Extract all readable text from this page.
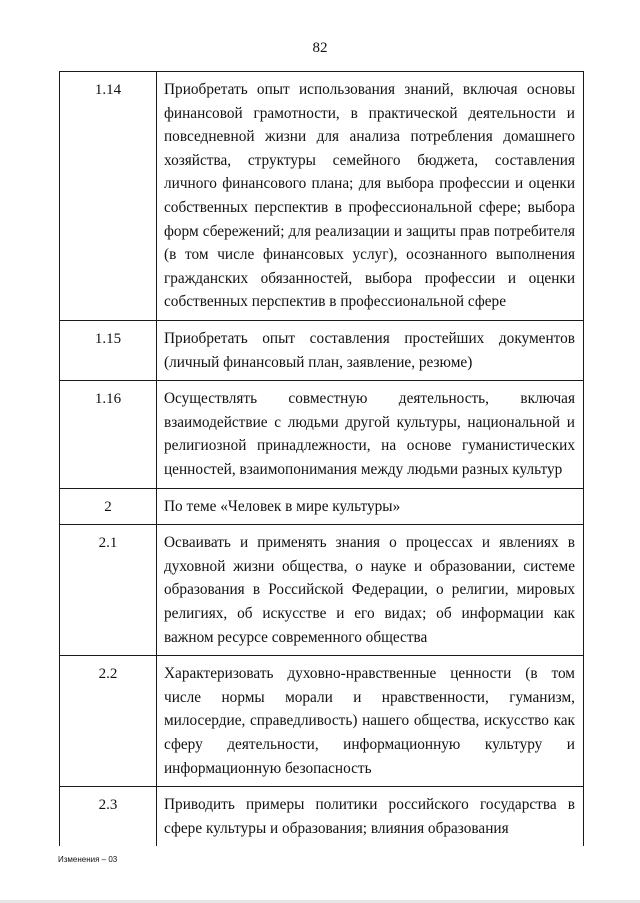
82
1.14	Приобретать опыт использования знаний, включая основы финансовой грамотности, в практической деятельности и повседневной жизни для анализа потребления домашнего хозяйства, структуры семейного бюджета, составления личного финансового плана; для выбора профессии и оценки собственных перспектив в профессиональной сфере; выбора форм сбережений; для реализации и защиты прав потребителя (в том числе финансовых услуг), осознанного выполнения гражданских обязанностей, выбора профессии и оценки собственных перспектив в профессиональной сфере
1.15	Приобретать опыт составления простейших документов (личный финансовый план, заявление, резюме)
1.16	Осуществлять совместную деятельность, включая взаимодействие с людьми другой культуры, национальной и религиозной принадлежности, на основе гуманистических ценностей, взаимопонимания между людьми разных культур
2	По теме «Человек в мире культуры»
2.1	Осваивать и применять знания о процессах и явлениях в духовной жизни общества, о науке и образовании, системе образования в Российской Федерации, о религии, мировых религиях, об искусстве и его видах; об информации как важном ресурсе современного общества
2.2	Характеризовать духовно-нравственные ценности (в том числе нормы морали и нравственности, гуманизм, милосердие, справедливость) нашего общества, искусство как сферу деятельности, информационную культуру и информационную безопасность
2.3	Приводить примеры политики российского государства в сфере культуры и образования; влияния образования
Изменения – 03
